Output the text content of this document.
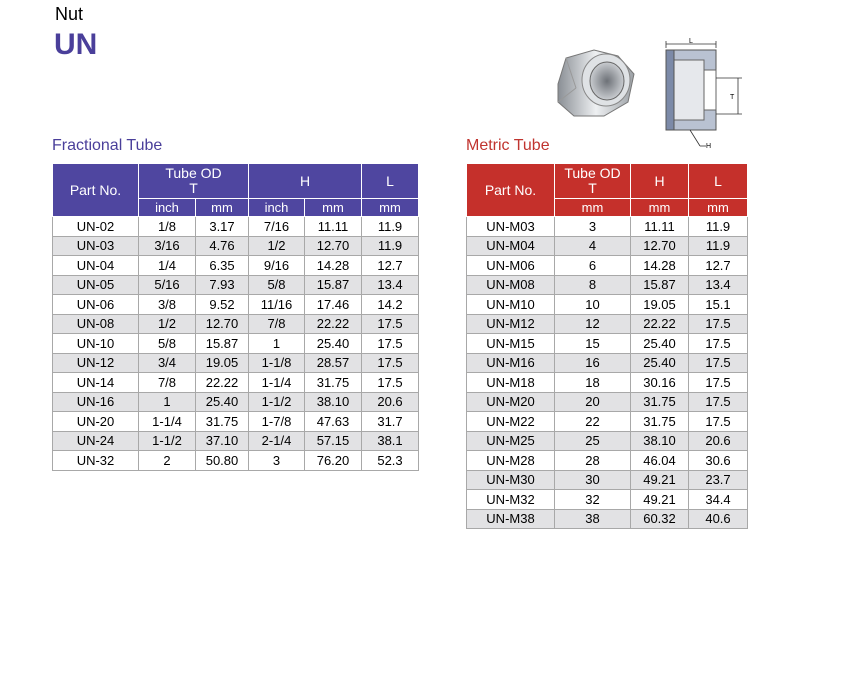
Nut
UN	L
T
H
Fractional Tube	Metric Tube
Part No.	Tube OD
T		H		L
	inch	mm	inch	mm	mm
UN-02	1/8	3.17	7/16	11.11	11.9
UN-03	3/16	4.76	1/2	12.70	11.9
UN-04	1/4	6.35	9/16	14.28	12.7
UN-05	5/16	7.93	5/8	15.87	13.4
UN-06	3/8	9.52	11/16	17.46	14.2
UN-08	1/2	12.70	7/8	22.22	17.5
UN-10	5/8	15.87	1	25.40	17.5
UN-12	3/4	19.05	1-1/8	28.57	17.5
UN-14	7/8	22.22	1-1/4	31.75	17.5
UN-16	1	25.40	1-1/2	38.10	20.6
UN-20	1-1/4	31.75	1-7/8	47.63	31.7
UN-24	1-1/2	37.10	2-1/4	57.15	38.1
UN-32	2	50.80	3	76.20	52.3
Part No.	Tube OD
T	H	L
	mm	mm	mm
UN-M03	3	11.11	11.9
UN-M04	4	12.70	11.9
UN-M06	6	14.28	12.7
UN-M08	8	15.87	13.4
UN-M10	10	19.05	15.1
UN-M12	12	22.22	17.5
UN-M15	15	25.40	17.5
UN-M16	16	25.40	17.5
UN-M18	18	30.16	17.5
UN-M20	20	31.75	17.5
UN-M22	22	31.75	17.5
UN-M25	25	38.10	20.6
UN-M28	28	46.04	30.6
UN-M30	30	49.21	23.7
UN-M32	32	49.21	34.4
UN-M38	38	60.32	40.6
